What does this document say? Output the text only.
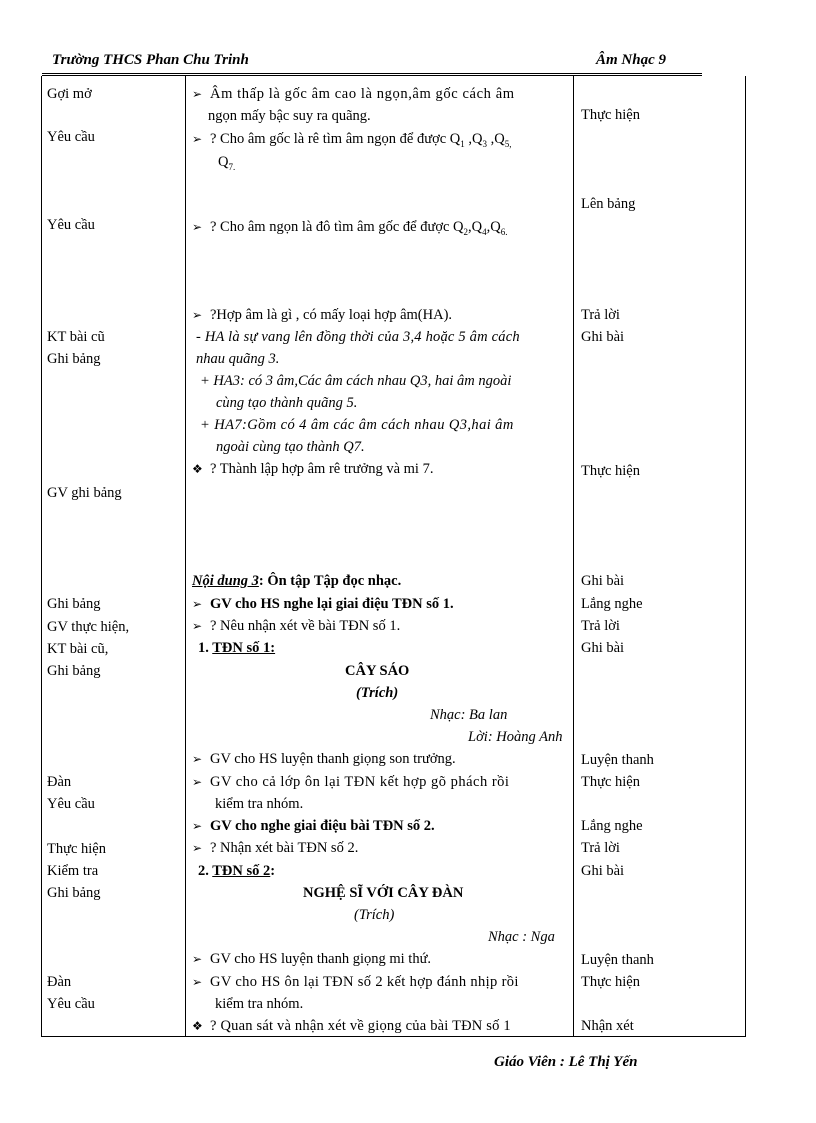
Trường THCS Phan Chu Trinh	Âm Nhạc 9
Gợi mở
Yêu cầu
Yêu cầu
KT bài cũ
Ghi bảng
GV ghi bảng
Ghi bảng
GV thực hiện,
KT bài cũ,
Ghi bảng
Đàn
Yêu cầu
Thực hiện
Kiểm tra
Ghi bảng
Đàn
Yêu cầu
➢ Âm thấp là gốc âm cao là ngọn,âm gốc cách âm
ngọn mấy bậc suy ra quãng.
➢ ? Cho âm gốc là rê tìm âm ngọn để được $Q_1$ $,Q_3$ $,Q_{5,}$
$Q_{7.}$
➢ ? Cho âm ngọn là đô tìm âm gốc để được $Q_2,Q_4,Q_{6.}$
➢ ?Hợp âm là gì , có mấy loại hợp âm(HA).
- HA là sự vang lên đồng thời của 3,4 hoặc 5 âm cách
nhau quãng 3.
+ HA3: có 3 âm,Các âm cách nhau Q3, hai âm ngoài
cùng tạo thành quãng 5.
+ HA7:Gồm có 4 âm các âm cách nhau Q3,hai âm
ngoài cùng tạo thành Q7.
❖ ? Thành lập hợp âm rê trưởng và mi 7.
Nội dung 3: Ôn tập Tập đọc nhạc.
➢ GV cho HS nghe lại giai điệu TĐN số 1.
➢ ? Nêu nhận xét về bài TĐN số 1.
1. TĐN số 1:
CÂY SÁO
(Trích)
Nhạc: Ba lan
Lời: Hoàng Anh
➢ GV cho HS luyện thanh giọng son trưởng.
➢ GV cho cả lớp ôn lại TĐN kết hợp gõ phách rồi
kiểm tra nhóm.
➢ GV cho nghe giai điệu bài TĐN số 2.
➢ ? Nhận xét bài TĐN số 2.
2. TĐN số 2:
NGHỆ SĨ VỚI CÂY ĐÀN
(Trích)
Nhạc : Nga
➢ GV cho HS luyện thanh giọng mi thứ.
➢ GV cho HS ôn lại TĐN số 2 kết hợp đánh nhịp rồi
kiểm tra nhóm.
❖ ? Quan sát và nhận xét về giọng của bài TĐN số 1
Thực hiện
Lên bảng
Trả lời
Ghi bài
Thực hiện
Ghi bài
Lắng nghe
Trả lời
Ghi bài
Luyện thanh
Thực hiện
Lắng nghe
Trả lời
Ghi bài
Luyện thanh
Thực hiện
Nhận xét
Giáo Viên : Lê Thị Yến
